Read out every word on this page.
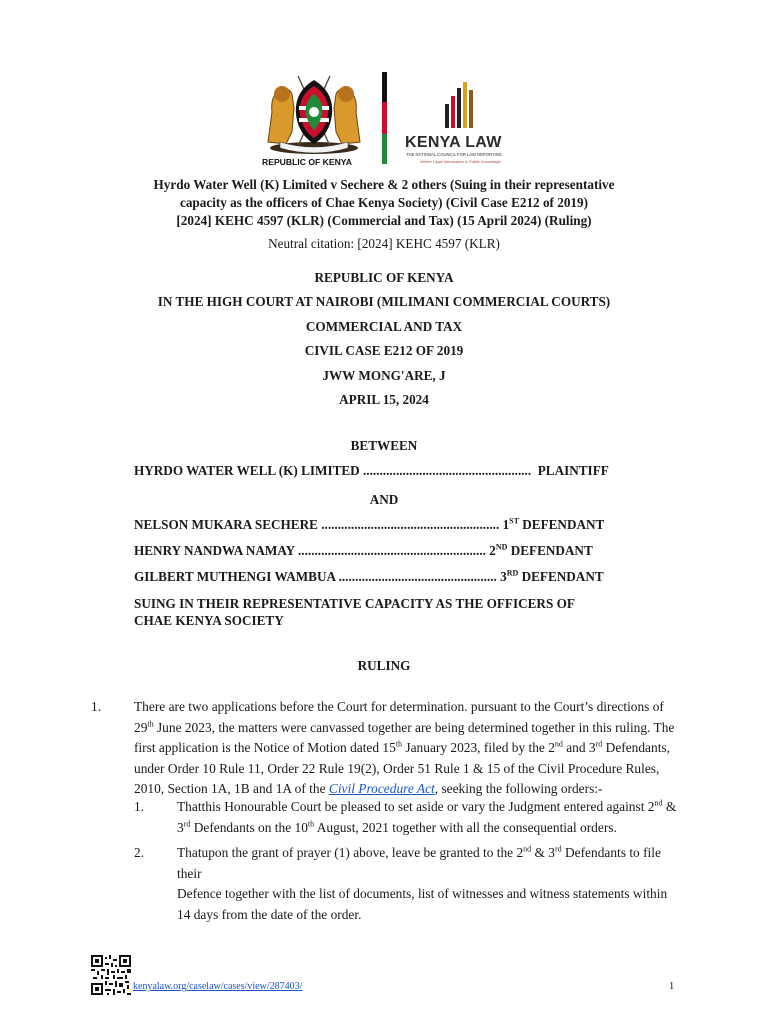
REPUBLIC OF KENYA
KENYA LAW
THE NATIONAL COUNCIL FOR LAW REPORTING
Where Legal Information is Public Knowledge
Hyrdo Water Well (K) Limited v Sechere & 2 others (Suing in their representative
capacity as the officers of Chae Kenya Society) (Civil Case E212 of 2019)
[2024] KEHC 4597 (KLR) (Commercial and Tax) (15 April 2024) (Ruling)
Neutral citation: [2024] KEHC 4597 (KLR)
REPUBLIC OF KENYA
IN THE HIGH COURT AT NAIROBI (MILIMANI COMMERCIAL COURTS)
COMMERCIAL AND TAX
CIVIL CASE E212 OF 2019
JWW MONG'ARE, J
APRIL 15, 2024
BETWEEN
HYRDO WATER WELL (K) LIMITED ................................................... PLAINTIFF
AND
NELSON MUKARA SECHERE ...................................................... 1ST DEFENDANT
HENRY NANDWA NAMAY ......................................................... 2ND DEFENDANT
GILBERT MUTHENGI WAMBUA ................................................ 3RD DEFENDANT
SUING IN THEIR REPRESENTATIVE CAPACITY AS THE OFFICERS OF
CHAE KENYA SOCIETY
RULING
1. There are two applications before the Court for determination. pursuant to the Court’s directions of
29th June 2023, the matters were canvassed together are being determined together in this ruling. The
first application is the Notice of Motion dated 15th January 2023, filed by the 2nd and 3rd Defendants,
under Order 10 Rule 11, Order 22 Rule 19(2), Order 51 Rule 1 & 15 of the Civil Procedure Rules,
2010, Section 1A, 1B and 1A of the Civil Procedure Act, seeking the following orders:-
1. Thatthis Honourable Court be pleased to set aside or vary the Judgment entered against 2nd &
3rd Defendants on the 10th August, 2021 together with all the consequential orders.
2. Thatupon the grant of prayer (1) above, leave be granted to the 2nd & 3rd Defendants to file their
Defence together with the list of documents, list of witnesses and witness statements within
14 days from the date of the order.
kenyalaw.org/caselaw/cases/view/287403/	1
